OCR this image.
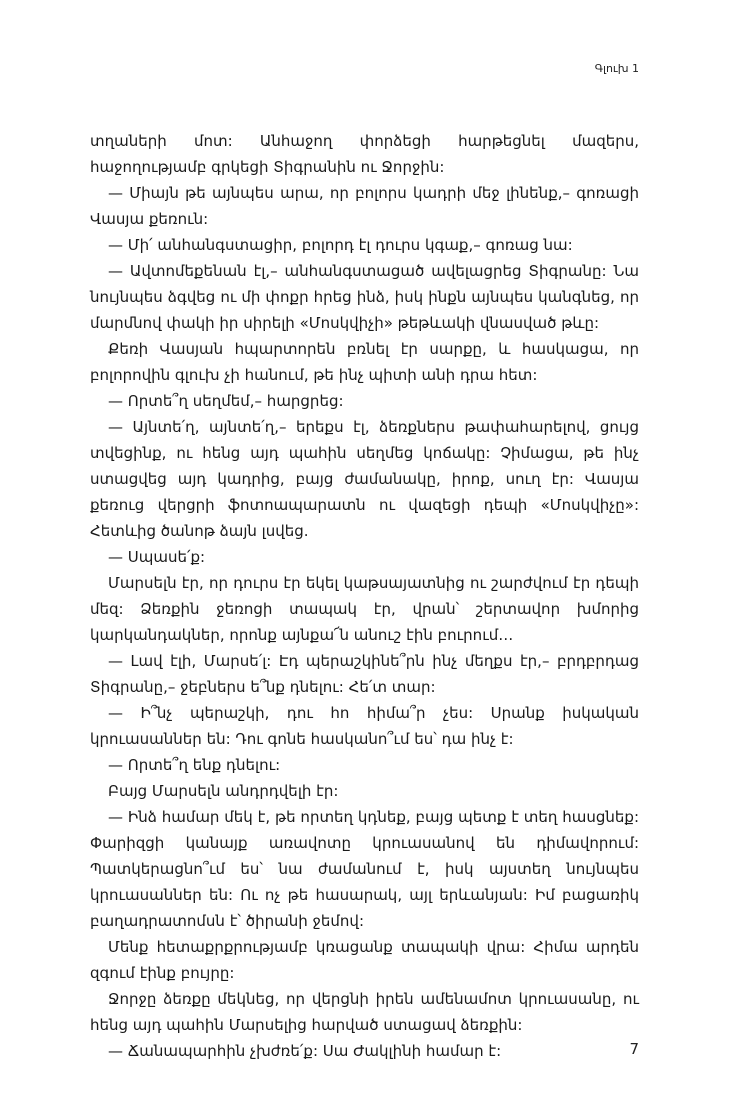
Գլուխ 1

տղաների մոտ: Անհաջող փորձեցի հարթեցնել մազերս, հաջողությամբ գրկեցի Տիգրանին ու Ջորջին:

— Միայն թե այնպես արա, որ բոլորս կադրի մեջ լինենք,– գոռացի Վասյա քեռուն:

— Մի՛ անհանգստացիր, բոլորդ էլ դուրս կգաք,– գոռաց նա:

— Ավտոմեքենան էլ,– անհանգստացած ավելացրեց Տիգրանը: Նա նույնպես ձգվեց ու մի փոքր հրեց ինձ, իսկ ինքն այնպես կանգնեց, որ մարմնով փակի իր սիրելի «Մոսկվիչի» թեթևակի վնասված թևը:

Քեռի Վասյան հպարտորեն բռնել էր սարքը, և հասկացա, որ բոլորովին գլուխ չի հանում, թե ինչ պիտի անի դրա հետ:

— Որտե՞ղ սեղմեմ,– հարցրեց:

— Այնտե՛ղ, այնտե՛ղ,– երեքս էլ, ձեռքներս թափահարելով, ցույց տվեցինք, ու հենց այդ պահին սեղմեց կոճակը: Չիմացա, թե ինչ ստացվեց այդ կադրից, բայց ժամանակը, իրոք, սուղ էր: Վասյա քեռուց վերցրի ֆոտոապարատն ու վազեցի դեպի «Մոսկվիչը»: Հետևից ծանոթ ձայն լսվեց.

— Սպասե՛ք:

Մարսելն էր, որ դուրս էր եկել կաթսայատնից ու շարժվում էր դեպի մեզ: Ձեռքին ջեռոցի տապակ էր, վրան՝ շերտավոր խմորից կարկանդակներ, որոնք այնքա՜ն անուշ էին բուրում…

— Լավ էլի, Մարսե՛լ: Էդ պերաշկինե՞րն ինչ մեղքս էր,– բրդբրդաց Տիգրանը,– ջեբներս ե՞նք դնելու: Հե՛տ տար:

— Ի՞նչ պերաշկի, դու հո հիմա՞ր չես: Սրանք իսկական կրուասաններ են: Դու գոնե հասկանո՞ւմ ես՝ դա ինչ է:

— Որտե՞ղ ենք դնելու:

Բայց Մարսելն անդրդվելի էր:

— Ինձ համար մեկ է, թե որտեղ կդնեք, բայց պետք է տեղ հասցնեք: Փարիզցի կանայք առավոտը կրուասանով են դիմավորում: Պատկերացնո՞ւմ ես՝ նա ժամանում է, իսկ այստեղ նույնպես կրուասաններ են: Ու ոչ թե հասարակ, այլ երևանյան: Իմ բացառիկ բաղադրատոմսն է՝ ծիրանի ջեմով:

Մենք հետաքրքրությամբ կռացանք տապակի վրա: Հիմա արդեն զգում էինք բույրը:

Ջորջը ձեռքը մեկնեց, որ վերցնի իրեն ամենամոտ կրուասանը, ու հենց այդ պահին Մարսելից հարված ստացավ ձեռքին:

— Ճանապարհին չխժռե՛ք: Սա Ժակլինի համար է:	7
